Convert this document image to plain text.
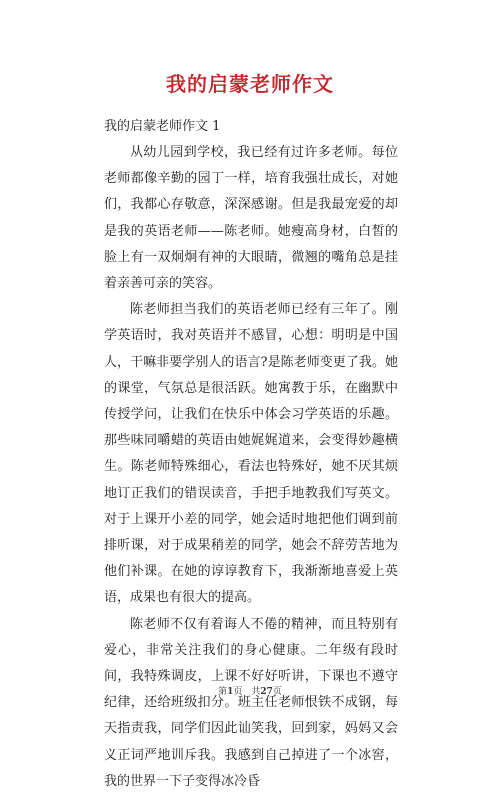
我的启蒙老师作文

我的启蒙老师作文 1

从幼儿园到学校，我已经有过许多老师。每位老师都像辛勤的园丁一样，培育我强壮成长，对她们，我都心存敬意，深深感谢。但是我最宠爱的却是我的英语老师——陈老师。她瘦高身材，白皙的脸上有一双炯炯有神的大眼睛，微翘的嘴角总是挂着亲善可亲的笑容。

陈老师担当我们的英语老师已经有三年了。刚学英语时，我对英语并不感冒，心想：明明是中国人，干嘛非要学别人的语言?是陈老师变更了我。她的课堂，气氛总是很活跃。她寓教于乐，在幽默中传授学问，让我们在快乐中体会习学英语的乐趣。那些味同嚼蜡的英语由她娓娓道来，会变得妙趣横生。陈老师特殊细心，看法也特殊好，她不厌其烦地订正我们的错误读音，手把手地教我们写英文。对于上课开小差的同学，她会适时地把他们调到前排听课，对于成果稍差的同学，她会不辞劳苦地为他们补课。在她的谆谆教育下，我渐渐地喜爱上英语，成果也有很大的提高。

陈老师不仅有着诲人不倦的精神，而且特别有爱心，非常关注我们的身心健康。二年级有段时间，我特殊调皮，上课不好好听讲，下课也不遵守纪律，还给班级扣分。班主任老师恨铁不成钢，每天指责我，同学们因此讪笑我，回到家，妈妈又会义正词严地训斥我。我感到自己掉进了一个冰窖，我的世界一下子变得冰冷昏

第1页　共27页
